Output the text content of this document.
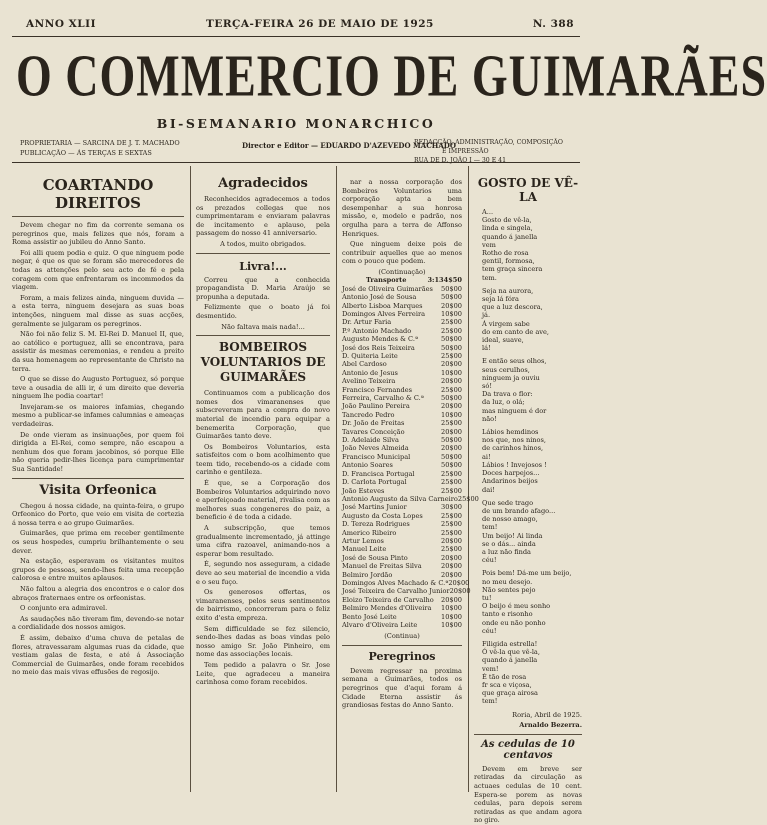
ANNO XLII	TERÇA-FEIRA 26 DE MAIO DE 1925	N. 388
O COMMERCIO DE GUIMARÃES
BI-SEMANARIO MONARCHICO
PROPRIETARIA — SARCINA DE J. T. MACHADO
PUBLICAÇÃO — ÁS TERÇAS E SEXTAS
Director e Editor — EDUARDO D'AZEVEDO MACHADO
REDACÇÃO, ADMINISTRAÇÃO, COMPOSIÇÃO
E IMPRESSÃO
RUA DE D. JOÃO I — 30 E 41
COARTANDO DIREITOS

Devem chegar no fim da corrente semana os peregrinos que, mais felizes que nós, foram a Roma assistir ao jubileu do Anno Santo.

Foi alli quem podia e quiz. O que ninguem pode negar, é que os que se foram são merecedores de todas as attenções pelo seu acto de fé e pela coragem com que enfrentaram os incommodos da viagem.

Foram, a mais felizes ainda, ninguem duvida — a esta terra, ninguem desejara as suas boas intenções, ninguem mal disse as suas acções, geralmente se julgaram os peregrinos.

Não foi não feliz S. M. El-Rei D. Manuel II, que, ao católico e portuguez, alli se encontrava, para assistir ás mesmas ceremonias, e rendeu a preito da sua homenagem ao representante de Christo na terra.

O que se disse do Augusto Portuguez, só porque teve a ousadia de alli ir, é um direito que deveria ninguem lhe podia coartar!

Invejaram-se os maiores infamias, chegando mesmo a publicar-se infames calumnias e ameaças verdadeiras.

De onde vieram as insinuações, por quem foi dirigida a El-Rei, como sempre, não escapou a nenhum dos que foram jacobinos, só porque Elle não queria pedir-lhes licença para cumprimentar Sua Santidade!

Visita Orfeonica

Chegou á nossa cidade, na quinta-feira, o grupo Orfeonico do Porto, que veio em visita de cortezia á nossa terra e ao grupo Guimarães.

Guimarães, que prima em receber gentilmente os seus hospedes, cumpriu brilhantemente o seu dever.

Na estação, esperavam os visitantes muitos grupos de pessoas, sendo-lhes feita uma recepção calorosa e entre muitos aplausos.

Não faltou a alegria dos encontros e o calor dos abraços fraternaes entre os orfeonistas.

O conjunto era admiravel.

As saudações não tiveram fim, devendo-se notar a cordialidade dos nossos amigos.

É assim, debaixo d'uma chuva de petalas de flores, atravessaram algumas ruas da cidade, que vestiam galas de festa, e até á Associação Commercial de Guimarães, onde foram recebidos no meio das mais vivas effusões de regosijo.

Agradecidos

Reconhecidos agradecemos a todos os prezados collegas que nos cumprimentaram e enviaram palavras de incitamento e aplauso, pela passagem do nosso 41 anniversario.

A todos, muito obrigados.

Livra!...

Correu que a conhecida propagandista D. Maria Araújo se propunha a deputada.

Felizmente que o boato já foi desmentido.

Não faltava mais nada!...

BOMBEIROS VOLUNTARIOS DE GUIMARÃES

Continuamos com a publicação dos nomes dos vimaranenses que subscreveram para a compra do novo material de incendio para equipar a benemerita Corporação, que Guimarães tanto deve.

Os Bombeiros Voluntarios, esta satisfeitos com o bom acolhimento que teem tido, recebendo-os a cidade com carinho e gentileza.

É que, se a Corporação dos Bombeiros Voluntarios adquirindo novo e aperfeiçoado material, rivalisa com as melhores suas congeneres do paiz, a beneficio é de toda a cidade.

A subscripção, que temos gradualmente incrementado, já attinge uma cifra razoavel, animando-nos a esperar bom resultado.

É, segundo nos asseguram, a cidade deve ao seu material de incendio a vida e o seu fuço.

Os generosos offertas, os vimaranenses, pelos seus sentimentos de bairrismo, concorreram para o feliz exito d'esta empreza.

Sem difficuldade se fez silencio, sendo-lhes dadas as boas vindas pelo nosso amigo Sr. João Pinheiro, em nome das associações locais.

Tem pedido a palavra o Sr. Jose Leite, que agradeceu a maneira carinhosa como foram recebidos.

nar a nossa corporação dos Bombeiros Voluntarios uma corporação apta a bem desempenhar a sua honrosa missão, e, modelo e padrão, nos orgulha para a terra de Affonso Henriques.

Que ninguem deixe pois de contribuir aquelles que ao menos com o pouco que podem.

(Continuação)
Transporte	3:134$50
José de Oliveira Guimarães 50$00
Antonio José de Sousa	50$00
Alberto Lisboa Marques	20$00
Domingos Alves Ferreira 10$00
Dr. Artur Faria	25$00
P.º Antonio Machado	25$00
Augusto Mendes & C.ª	50$00
José dos Reis Teixeira	50$00
D. Quiteria Leite	25$00
Abel Cardoso	20$00
Antonio de Jesus	10$00
Avelino Teixeira	20$00
Francisco Fernandes	25$00
Ferreira, Carvalho & C.ª	50$00
João Paulino Pereira	20$00
Tancredo Pedro	10$00
Dr. João de Freitas	25$00
Tavares Conceição	20$00
D. Adelaide Silva	50$00
João Neves Almeida	20$00
Francisco Municipal	50$00
Antonio Soares	50$00
D. Francisca Portugal	25$00
D. Carlota Portugal	25$00
João Esteves	25$00
Antonio Augusto da Silva Carneiro 25$00
José Martins Junior	30$00
Augusto da Costa Lopes	25$00
D. Tereza Rodrigues	25$00
Americo Ribeiro	25$00
Artur Lemos	20$00
Manuel Leite	25$00
José de Sousa Pinto	20$00
Manuel de Freitas Silva	20$00
Belmiro Jordão	20$00
Domingos Alves Machado & C.ª 20$00
José Teixeira de Carvalho Junior 20$00
Eloizo Teixeira de Carvalho 20$00
Belmiro Mendes d'Oliveira 10$00
Bento José Leite	10$00
Alvaro d'Oliveira Leite	10$00
(Continua)
Peregrinos

Devem regressar na proxima semana a Guimarães, todos os peregrinos que d'aqui foram á Cidade Eterna assistir ás grandiosas festas do Anno Santo.

GOSTO DE VÊ-LA
A...
Gosto de vê-la,
linda e singela,
quando á janella
vem
Rotho de rosa
gentil, formosa,
tem graça sincera
tem.
Seja na aurora,
seja lá fóra
que a luz descora,
já.
Á virgem sabe
do em canto de ave,
ideal, suave,
lá!
E então seus olhos,
seus cerulhos,
ninguem ja ouviu
só!
Da trava o flor:
da luz, o olá;
mas ninguem é dor
não!
Lábios hemdinos
nos que, nos ninos,
de carinhos hinos,
ai!
Lábios ! Invejosos !
Doces harpejos...
Andarinos beijos
dai!
Que sede trago
de um brando afago...
de nosso amago,
tem!
Um beijo! Ai linda
se o dás... ainda
a luz não finda
céu!
Pois bem! Dá-me um beijo,
no meu desejo.
Não sentes pejo
tu!
O beijo é meu sonho
tanto e risonho
onde eu não ponho
céu!
Filigida estrella!
Ó vê-la que vê-la,
quando á janella
vem!
É tão de rosa
fr sca e viçosa,
que graça airosa
tem!

Roria, Abril de 1925.

Arnaldo Bezerra.

As cedulas de 10 centavos

Devem em breve ser retiradas da circulação as actuaes cedulas de 10 cent. Espera-se porem as novas cedulas, para depois serem retiradas as que andam agora no giro.
